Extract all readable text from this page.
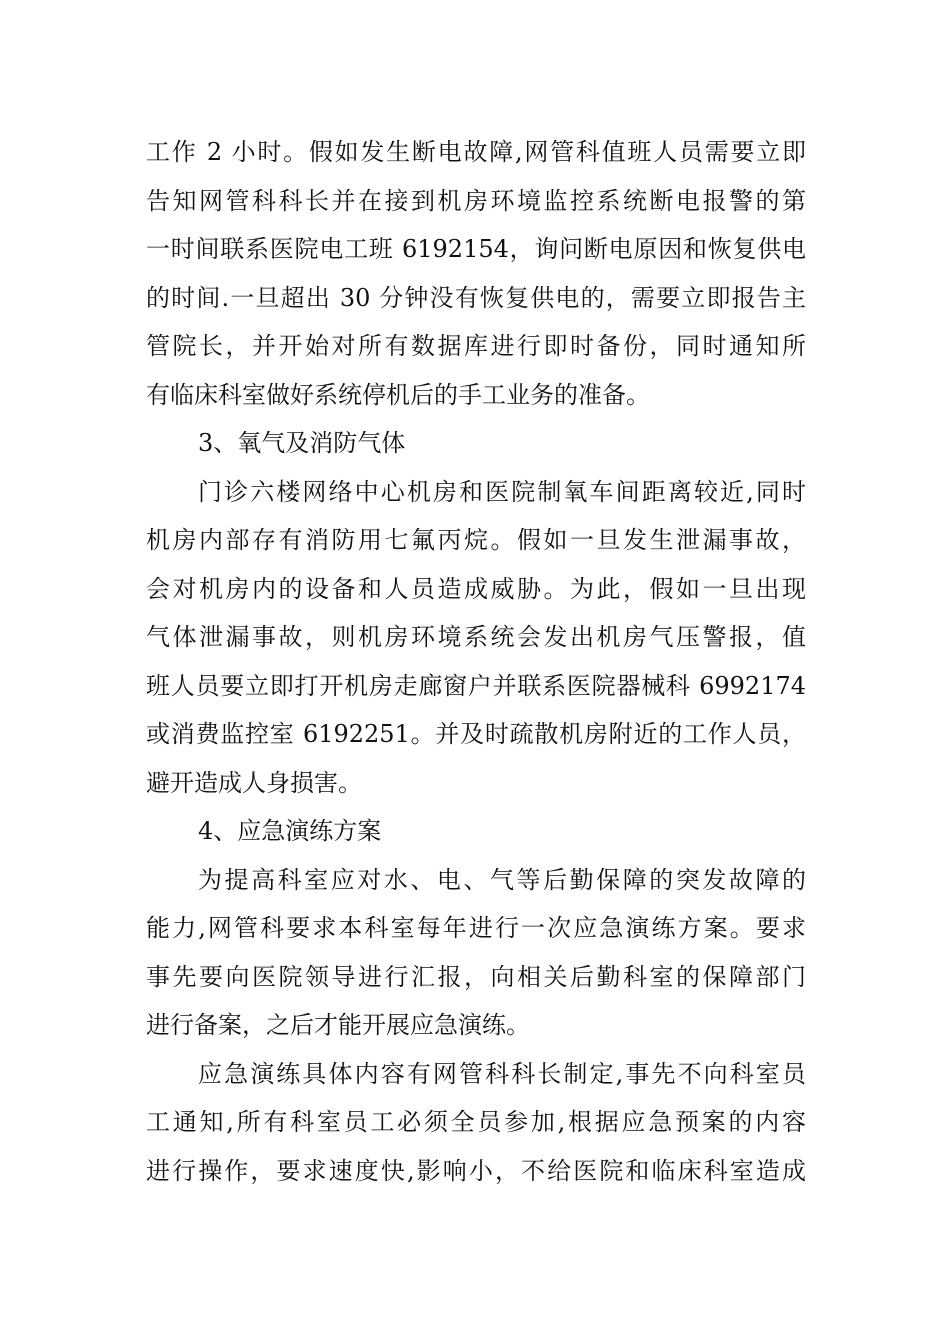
工作 2 小时。假如发生断电故障,网管科值班人员需要立即
告知网管科科长并在接到机房环境监控系统断电报警的第
一时间联系医院电工班 6192154，询问断电原因和恢复供电
的时间.一旦超出 30 分钟没有恢复供电的，需要立即报告主
管院长，并开始对所有数据库进行即时备份，同时通知所
有临床科室做好系统停机后的手工业务的准备。
3、氧气及消防气体
门诊六楼网络中心机房和医院制氧车间距离较近,同时
机房内部存有消防用七氟丙烷。假如一旦发生泄漏事故，
会对机房内的设备和人员造成威胁。为此，假如一旦出现
气体泄漏事故，则机房环境系统会发出机房气压警报，值
班人员要立即打开机房走廊窗户并联系医院器械科 6992174
或消费监控室 6192251。并及时疏散机房附近的工作人员，
避开造成人身损害。
4、应急演练方案
为提高科室应对水、电、气等后勤保障的突发故障的
能力,网管科要求本科室每年进行一次应急演练方案。要求
事先要向医院领导进行汇报，向相关后勤科室的保障部门
进行备案，之后才能开展应急演练。
应急演练具体内容有网管科科长制定,事先不向科室员
工通知,所有科室员工必须全员参加,根据应急预案的内容
进行操作，要求速度快,影响小，不给医院和临床科室造成
